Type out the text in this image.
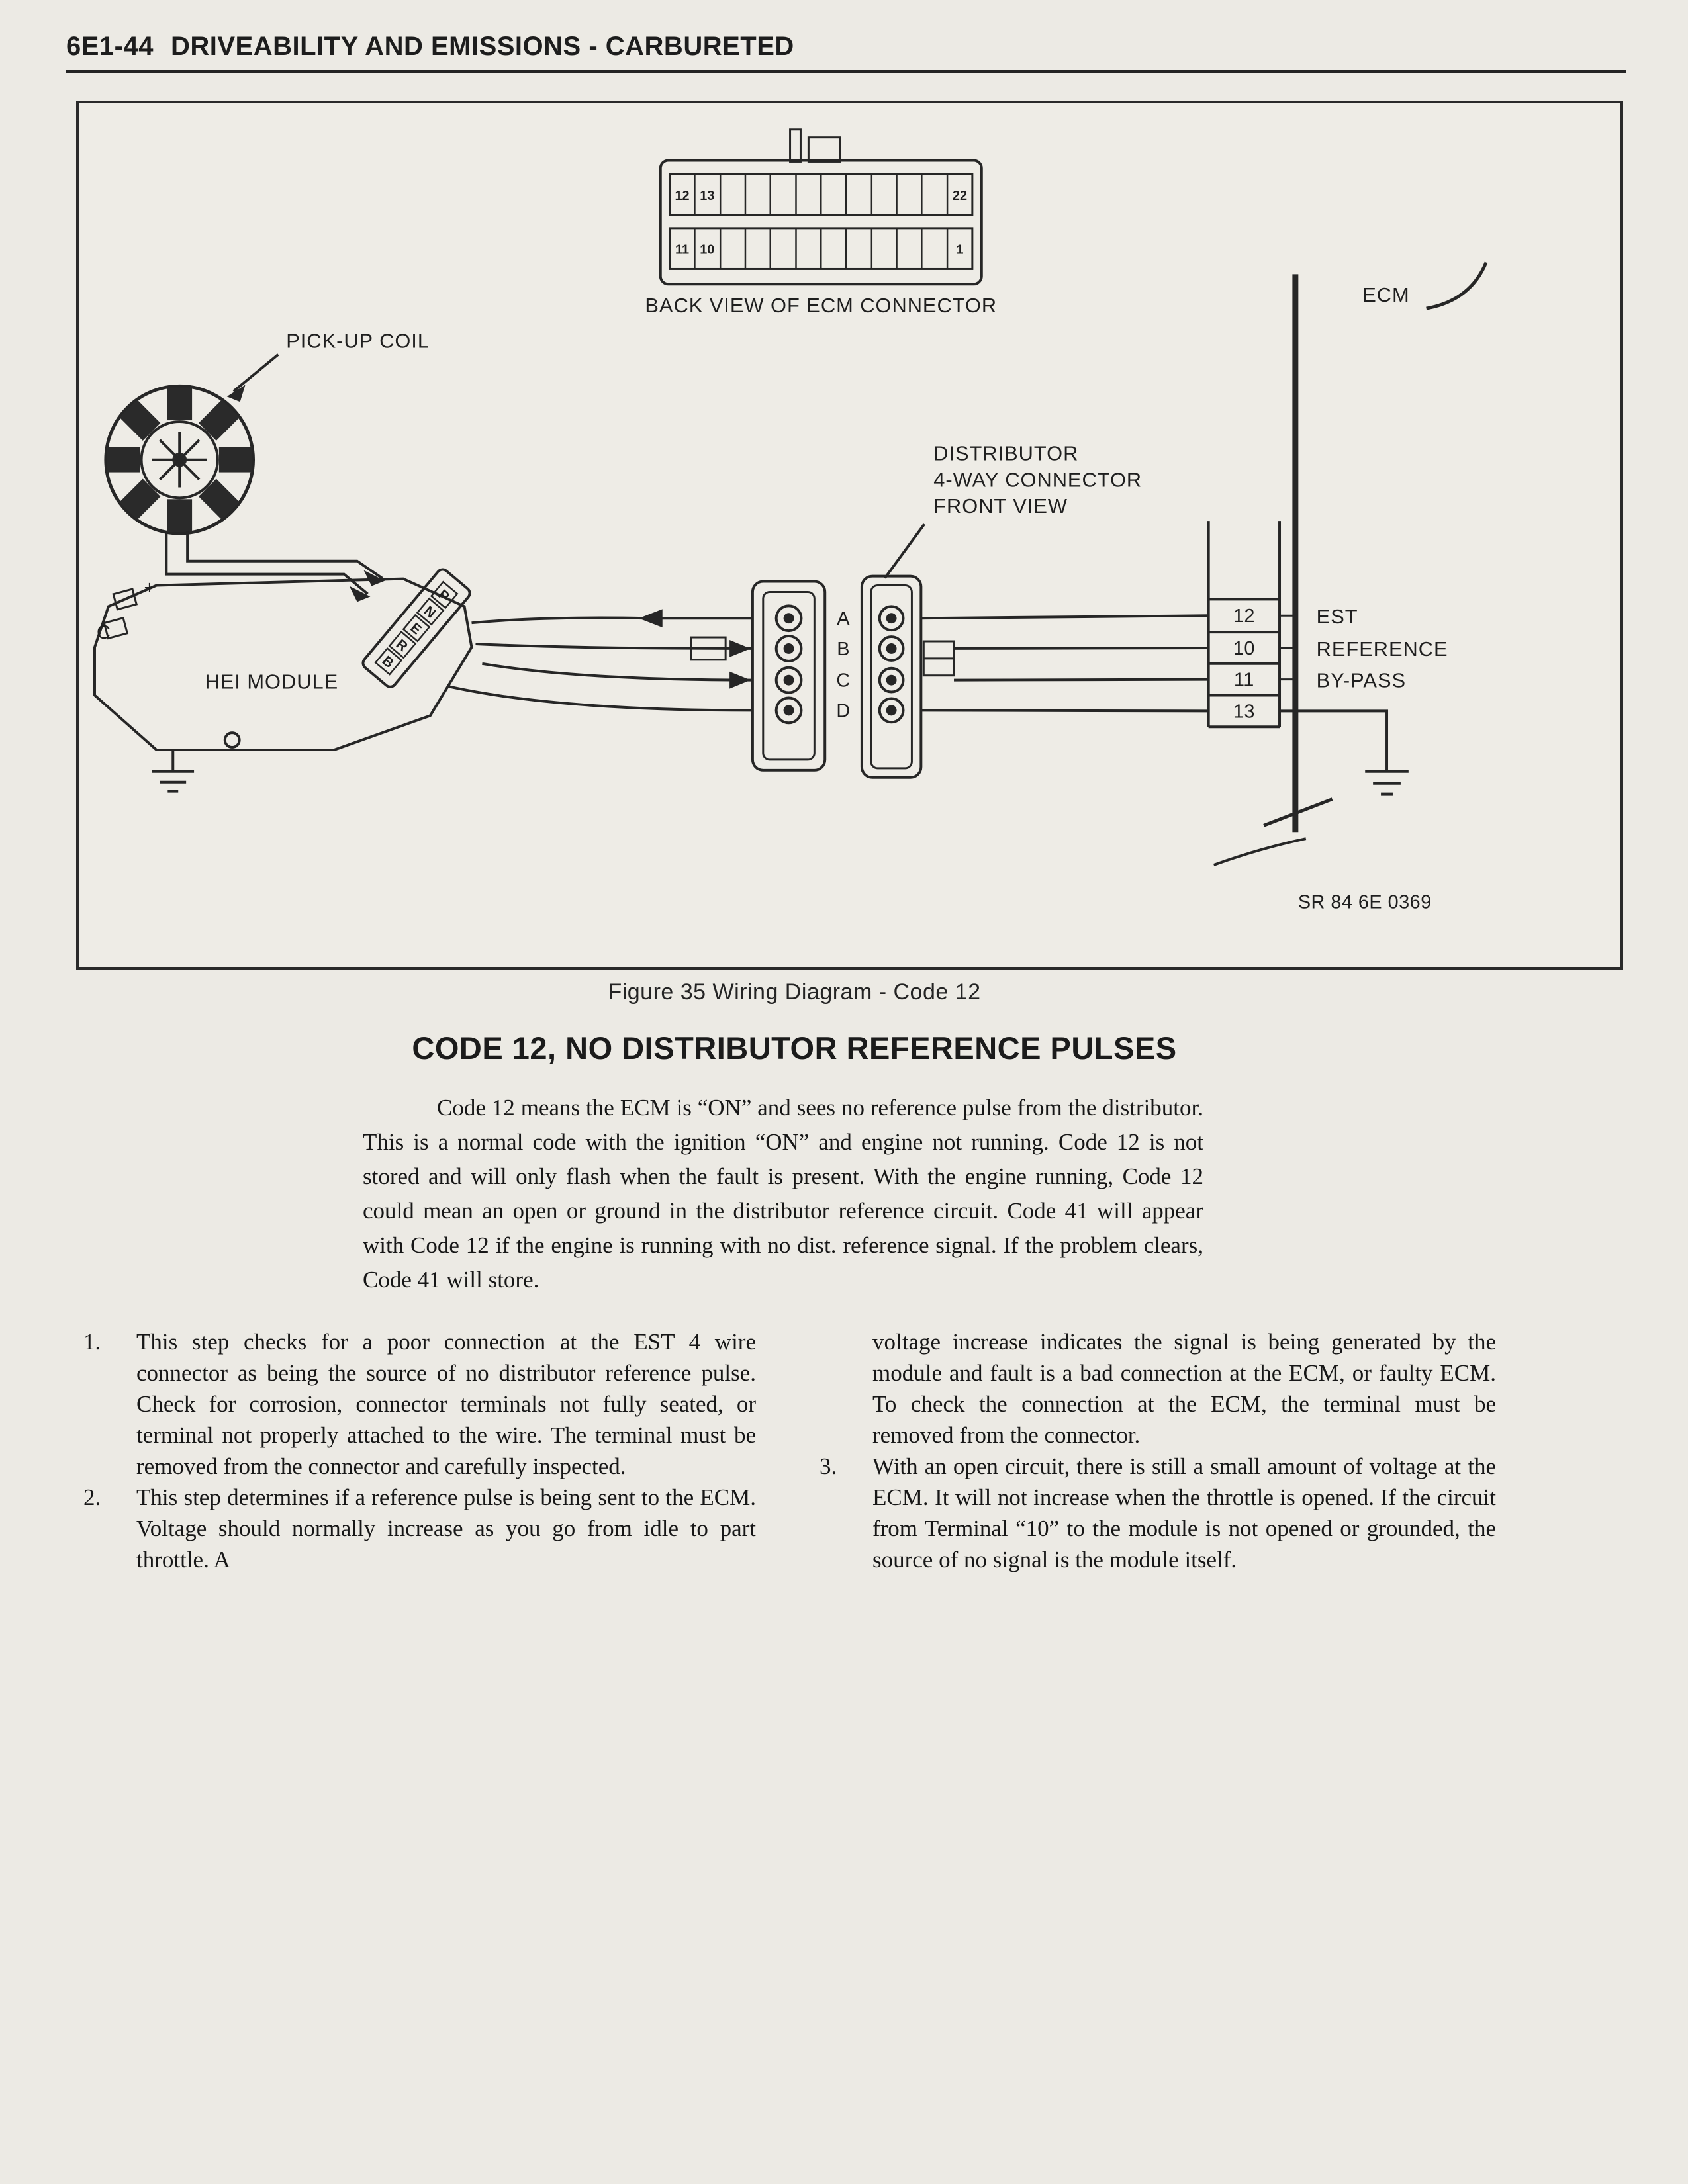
6E1-44 DRIVEABILITY AND EMISSIONS - CARBURETED
12 13	22
11 10	1
BACK VIEW OF ECM CONNECTOR	ECM
PICK-UP COIL
+
C
HEI MODULE
P
N
E
R
B
A
B
C
D
DISTRIBUTOR
4-WAY CONNECTOR
FRONT VIEW
12
10
11
13
EST
REFERENCE
BY-PASS
SR 84 6E 0369
Figure 35 Wiring Diagram - Code 12
CODE 12, NO DISTRIBUTOR REFERENCE PULSES
Code 12 means the ECM is “ON” and sees no reference pulse from the distributor. This is a normal code with the ignition “ON” and engine not running. Code 12 is not stored and will only flash when the fault is present. With the engine running, Code 12 could mean an open or ground in the distributor reference circuit. Code 41 will appear with Code 12 if the engine is running with no dist. reference signal. If the problem clears, Code 41 will store.
1.	This step checks for a poor connection at the EST 4 wire connector as being the source of no distributor reference pulse. Check for corrosion, connector terminals not fully seated, or terminal not properly attached to the wire. The terminal must be removed from the connector and carefully inspected.
2.	This step determines if a reference pulse is being sent to the ECM. Voltage should normally increase as you go from idle to part throttle. A
voltage increase indicates the signal is being generated by the module and fault is a bad connection at the ECM, or faulty ECM. To check the connection at the ECM, the terminal must be removed from the connector.
3.	With an open circuit, there is still a small amount of voltage at the ECM. It will not increase when the throttle is opened. If the circuit from Terminal “10” to the module is not opened or grounded, the source of no signal is the module itself.
